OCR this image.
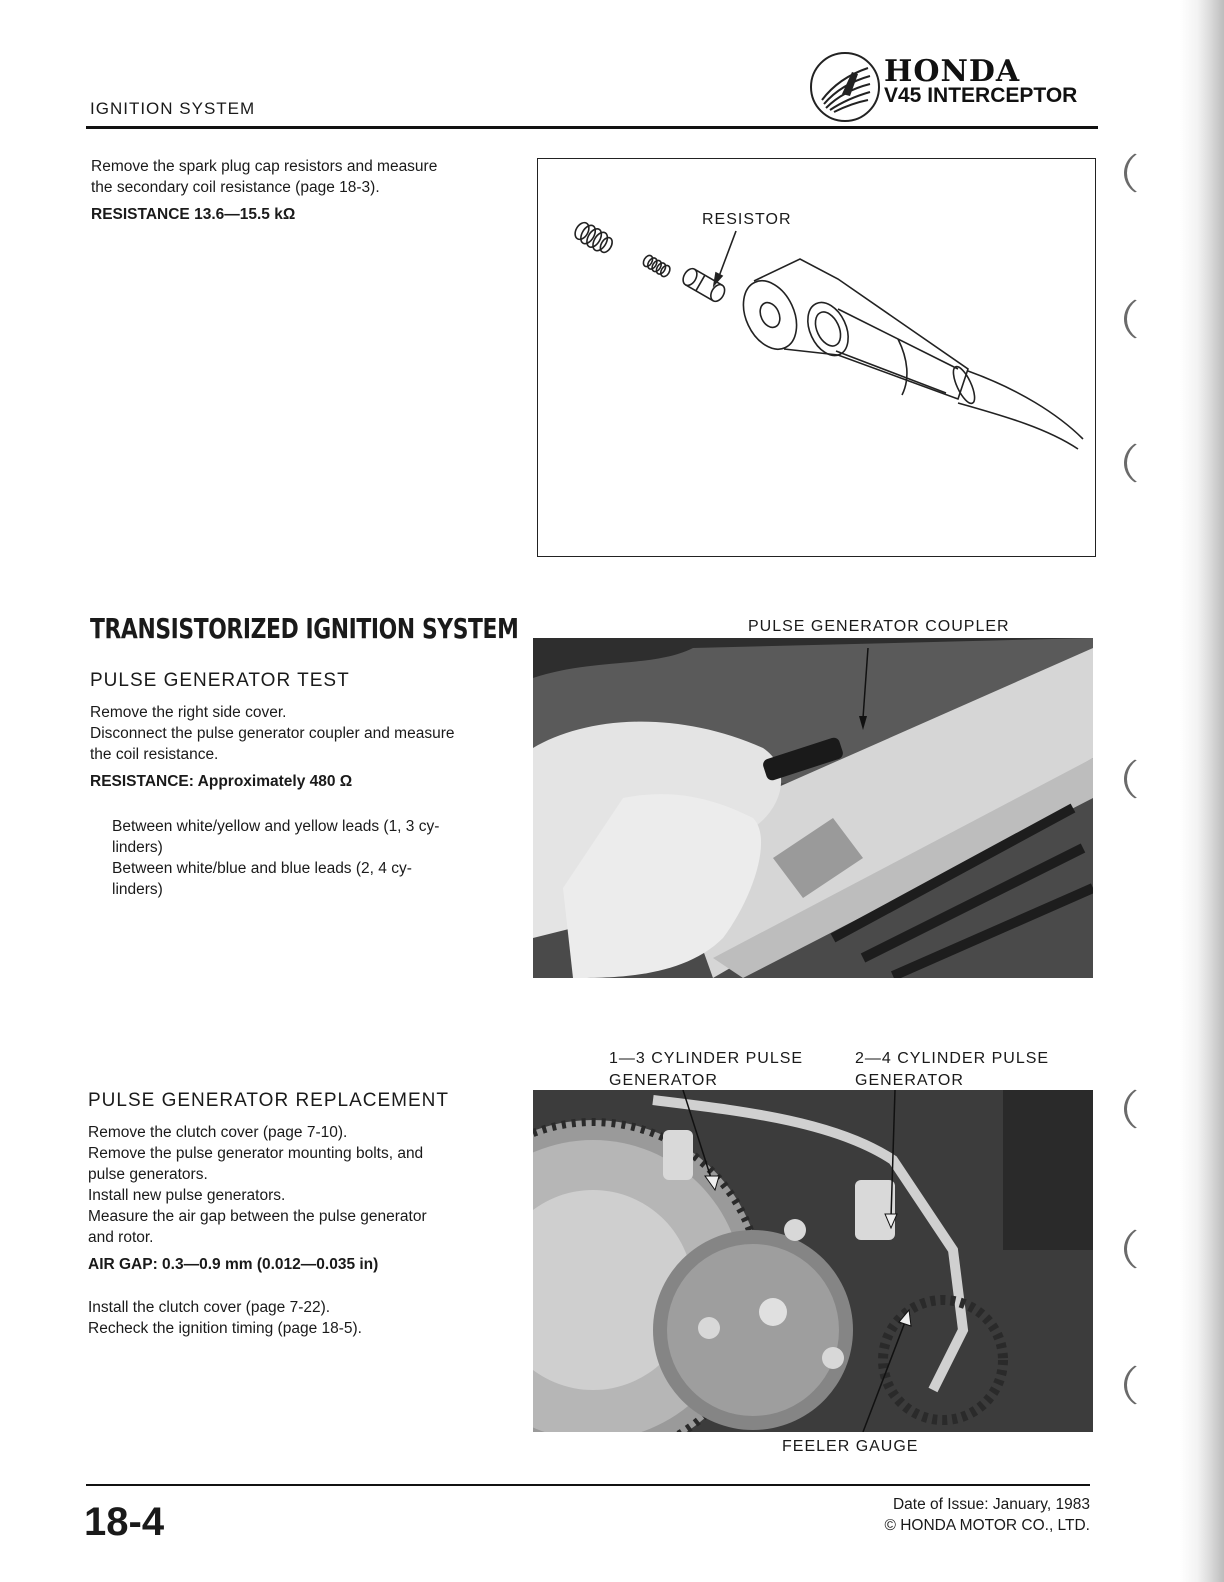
IGNITION SYSTEM
HONDA
V45 INTERCEPTOR
Remove the spark plug cap resistors and measure
the secondary coil resistance (page 18-3).
RESISTANCE 13.6—15.5 kΩ	RESISTOR
TRANSISTORIZED IGNITION SYSTEM
PULSE GENERATOR TEST
Remove the right side cover.
Disconnect the pulse generator coupler and measure
the coil resistance.
RESISTANCE: Approximately 480 Ω
Between white/yellow and yellow leads (1, 3 cy-
linders)
Between white/blue and blue leads (2, 4 cy-
linders)
PULSE GENERATOR COUPLER
PULSE GENERATOR REPLACEMENT
Remove the clutch cover (page 7-10).
Remove the pulse generator mounting bolts, and
pulse generators.
Install new pulse generators.
Measure the air gap between the pulse generator
and rotor.
AIR GAP: 0.3—0.9 mm (0.012—0.035 in)
Install the clutch cover (page 7-22).
Recheck the ignition timing (page 18-5).
1—3 CYLINDER PULSE
GENERATOR
2—4 CYLINDER PULSE
GENERATOR
FEELER GAUGE
18-4	Date of Issue: January, 1983
© HONDA MOTOR CO., LTD.
